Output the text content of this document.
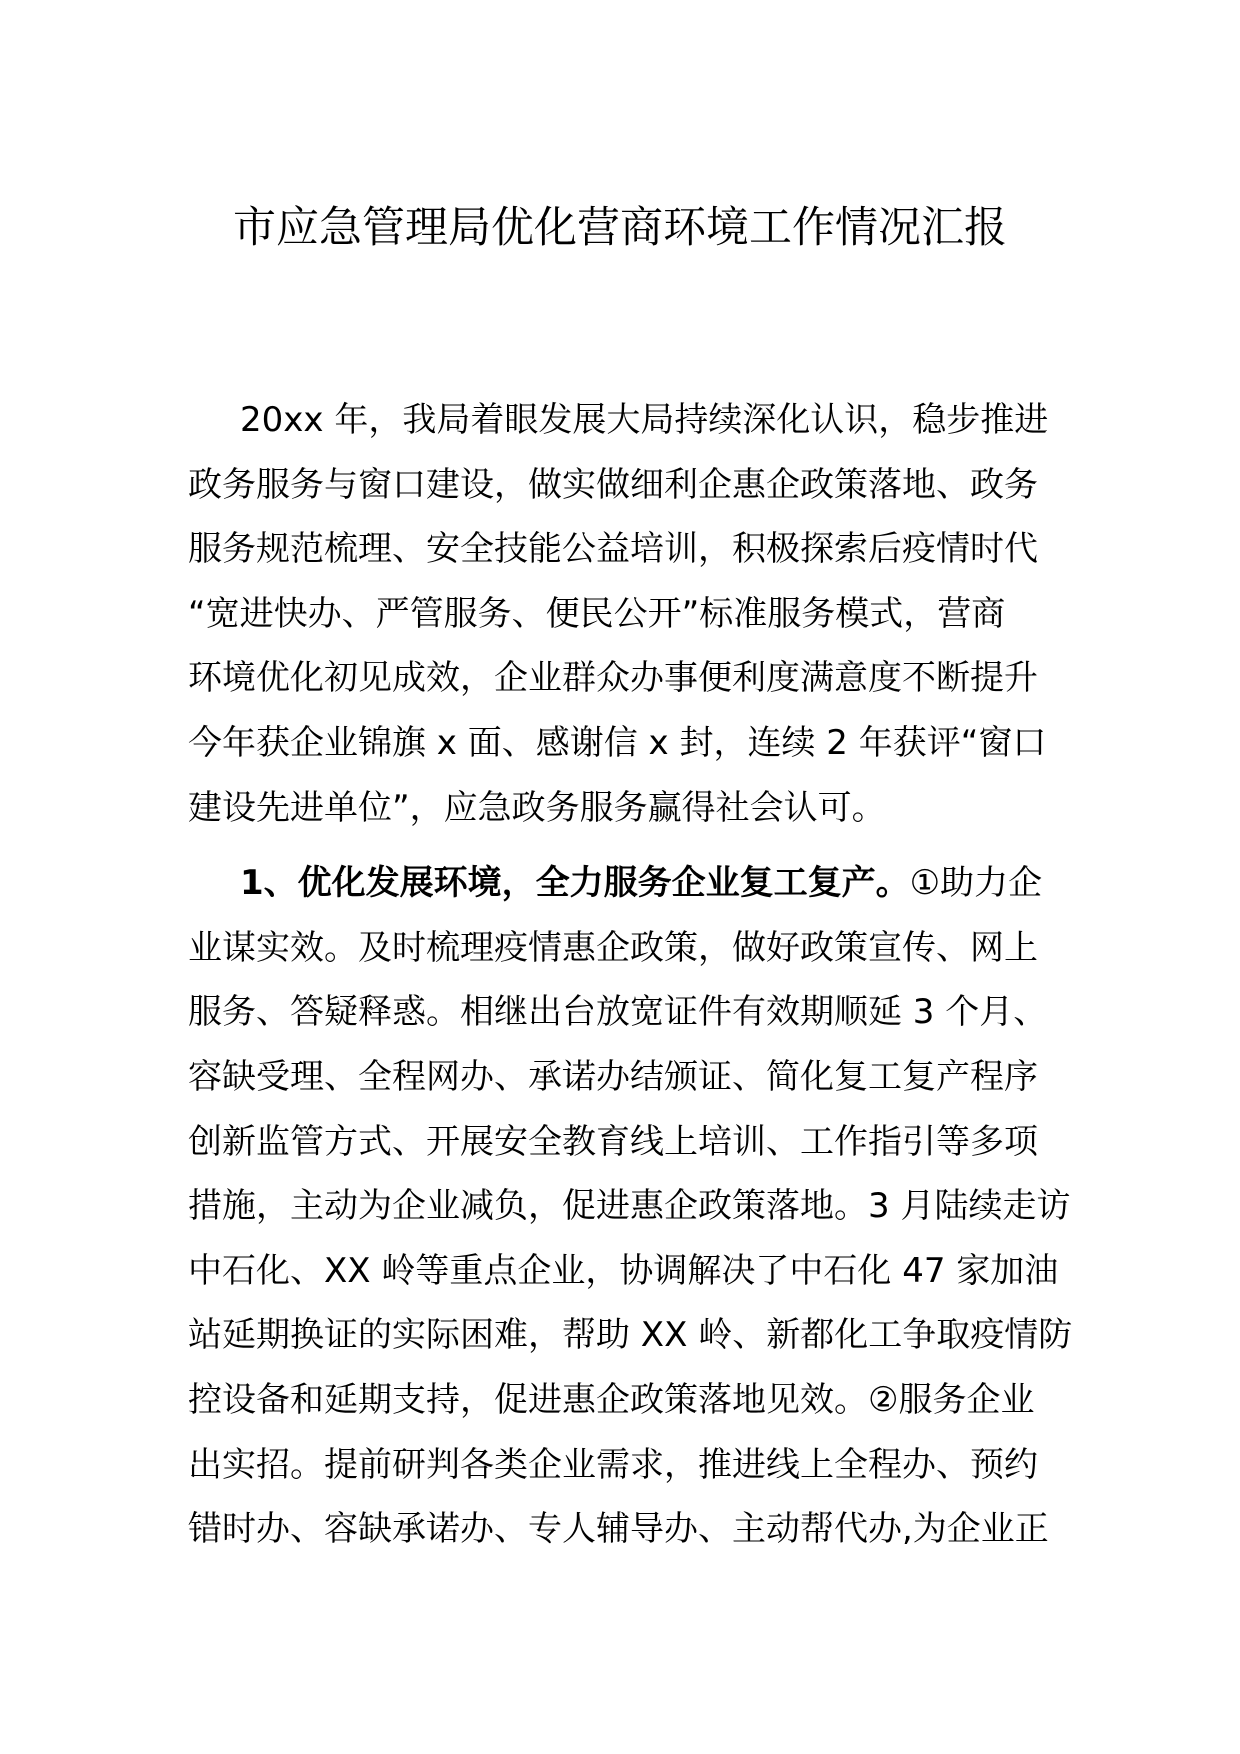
市应急管理局优化营商环境工作情况汇报
20xx 年，我局着眼发展大局持续深化认识，稳步推进
政务服务与窗口建设，做实做细利企惠企政策落地、政务
服务规范梳理、安全技能公益培训，积极探索后疫情时代
“宽进快办、严管服务、便民公开”标准服务模式，营商
环境优化初见成效，企业群众办事便利度满意度不断提升
今年获企业锦旗 x 面、感谢信 x 封，连续 2 年获评“窗口
建设先进单位”，应急政务服务赢得社会认可。
1、优化发展环境，全力服务企业复工复产。①助力企
业谋实效。及时梳理疫情惠企政策，做好政策宣传、网上
服务、答疑释惑。相继出台放宽证件有效期顺延 3 个月、
容缺受理、全程网办、承诺办结颁证、简化复工复产程序
创新监管方式、开展安全教育线上培训、工作指引等多项
措施，主动为企业减负，促进惠企政策落地。3 月陆续走访
中石化、XX 岭等重点企业，协调解决了中石化 47 家加油
站延期换证的实际困难，帮助 XX 岭、新都化工争取疫情防
控设备和延期支持，促进惠企政策落地见效。②服务企业
出实招。提前研判各类企业需求，推进线上全程办、预约
错时办、容缺承诺办、专人辅导办、主动帮代办,为企业正
